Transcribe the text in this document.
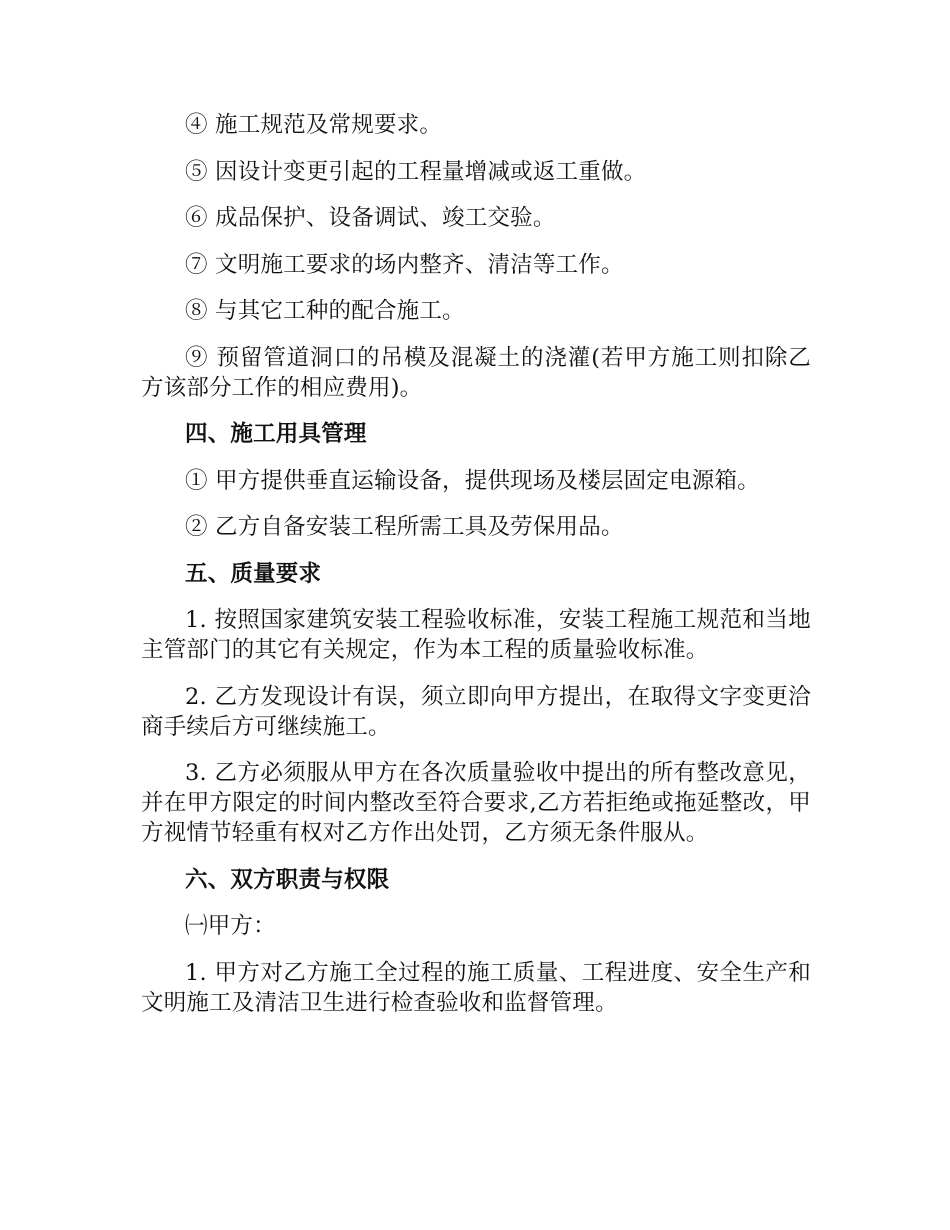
④ 施工规范及常规要求。

⑤ 因设计变更引起的工程量增减或返工重做。

⑥ 成品保护、设备调试、竣工交验。

⑦ 文明施工要求的场内整齐、清洁等工作。

⑧ 与其它工种的配合施工。

⑨ 预留管道洞口的吊模及混凝土的浇灌(若甲方施工则扣除乙方该部分工作的相应费用)。

四、施工用具管理

① 甲方提供垂直运输设备，提供现场及楼层固定电源箱。

② 乙方自备安装工程所需工具及劳保用品。

五、质量要求

1. 按照国家建筑安装工程验收标准，安装工程施工规范和当地主管部门的其它有关规定，作为本工程的质量验收标准。

2. 乙方发现设计有误，须立即向甲方提出，在取得文字变更洽商手续后方可继续施工。

3. 乙方必须服从甲方在各次质量验收中提出的所有整改意见，并在甲方限定的时间内整改至符合要求,乙方若拒绝或拖延整改，甲方视情节轻重有权对乙方作出处罚，乙方须无条件服从。

六、双方职责与权限

㈠甲方：

1. 甲方对乙方施工全过程的施工质量、工程进度、安全生产和文明施工及清洁卫生进行检查验收和监督管理。
